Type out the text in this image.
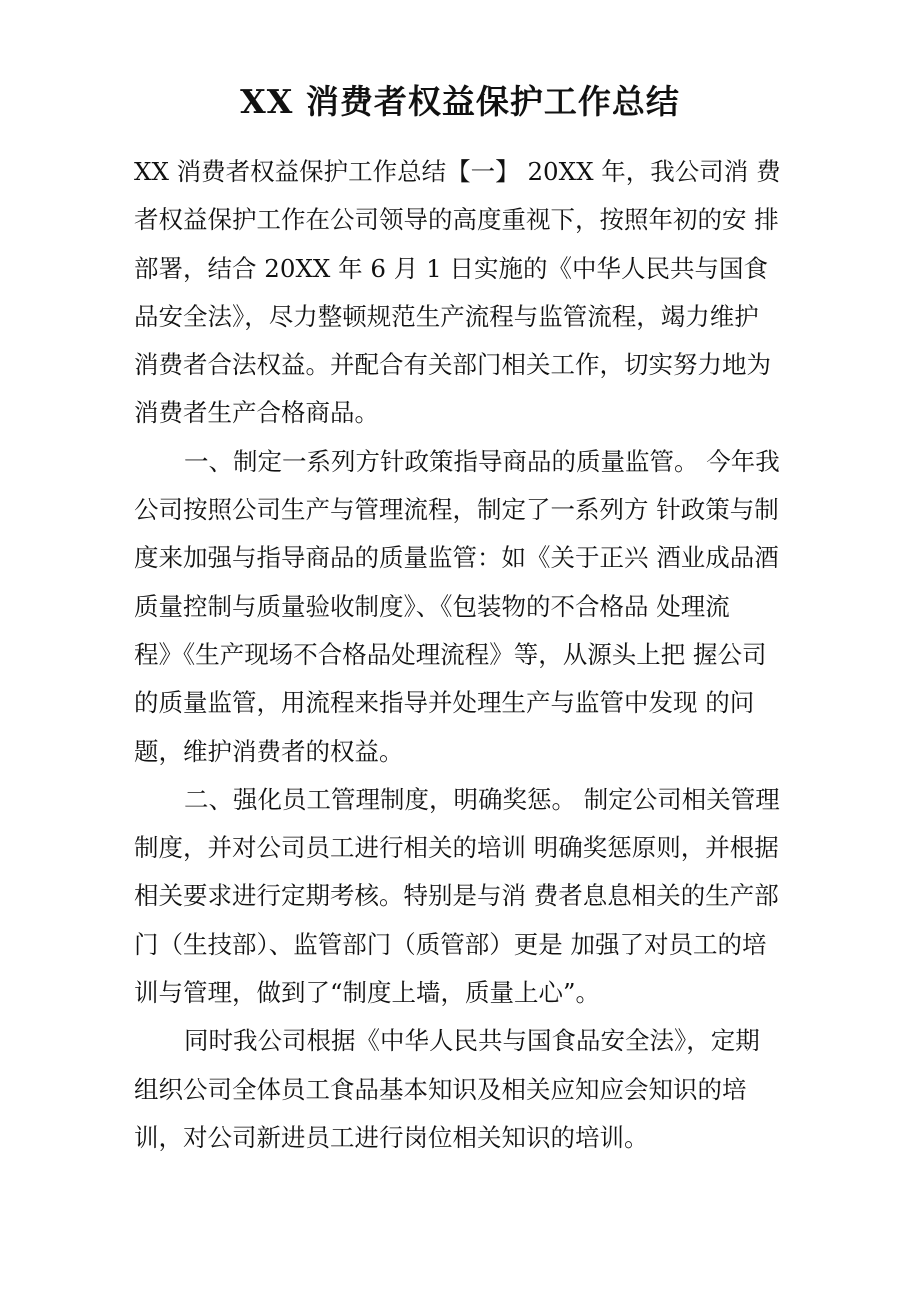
XX 消费者权益保护工作总结
XX 消费者权益保护工作总结【一】 20XX 年，我公司消 费
者权益保护工作在公司领导的高度重视下，按照年初的安 排
部署，结合 20XX 年 6 月 1 日实施的《中华人民共与国食
品安全法》，尽力整顿规范生产流程与监管流程，竭力维护
消费者合法权益。并配合有关部门相关工作，切实努力地为
消费者生产合格商品。
一、制定一系列方针政策指导商品的质量监管。 今年我
公司按照公司生产与管理流程，制定了一系列方 针政策与制
度来加强与指导商品的质量监管：如《关于正兴 酒业成品酒
质量控制与质量验收制度》、《包装物的不合格品 处理流
程》《生产现场不合格品处理流程》等，从源头上把 握公司
的质量监管，用流程来指导并处理生产与监管中发现 的问
题，维护消费者的权益。
二、强化员工管理制度，明确奖惩。 制定公司相关管理
制度，并对公司员工进行相关的培训 明确奖惩原则，并根据
相关要求进行定期考核。特别是与消 费者息息相关的生产部
门（生技部）、监管部门（质管部）更是 加强了对员工的培
训与管理，做到了“制度上墙，质量上心”。
同时我公司根据《中华人民共与国食品安全法》，定期
组织公司全体员工食品基本知识及相关应知应会知识的培
训，对公司新进员工进行岗位相关知识的培训。
